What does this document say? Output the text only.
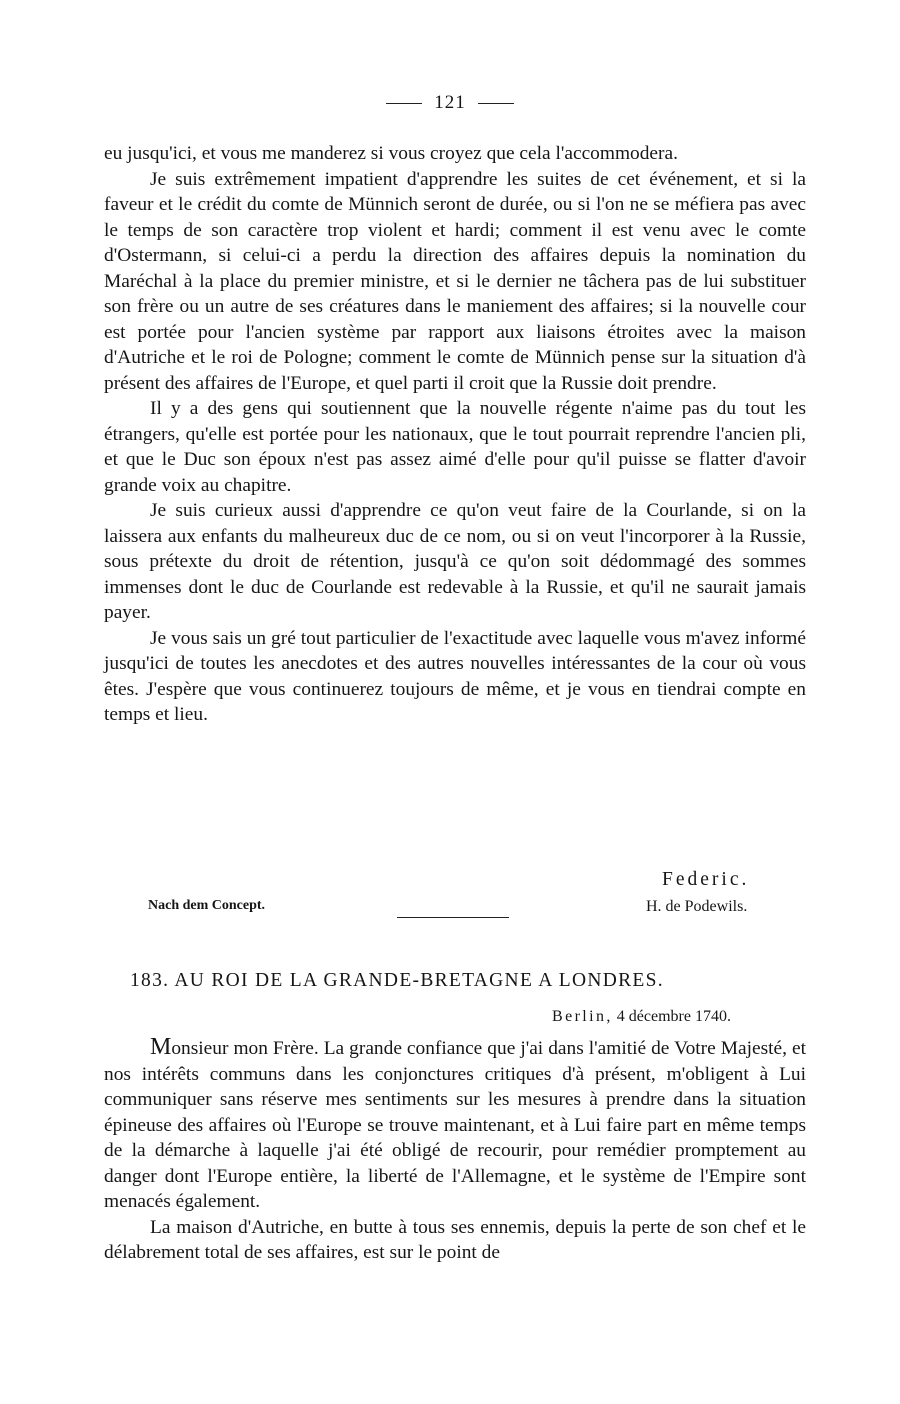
121

eu jusqu'ici, et vous me manderez si vous croyez que cela l'accommodera.

Je suis extrêmement impatient d'apprendre les suites de cet événement, et si la faveur et le crédit du comte de Münnich seront de durée, ou si l'on ne se méfiera pas avec le temps de son caractère trop violent et hardi; comment il est venu avec le comte d'Ostermann, si celui-ci a perdu la direction des affaires depuis la nomination du Maréchal à la place du premier ministre, et si le dernier ne tâchera pas de lui substituer son frère ou un autre de ses créatures dans le maniement des affaires; si la nouvelle cour est portée pour l'ancien système par rapport aux liaisons étroites avec la maison d'Autriche et le roi de Pologne; comment le comte de Münnich pense sur la situation d'à présent des affaires de l'Europe, et quel parti il croit que la Russie doit prendre.

Il y a des gens qui soutiennent que la nouvelle régente n'aime pas du tout les étrangers, qu'elle est portée pour les nationaux, que le tout pourrait reprendre l'ancien pli, et que le Duc son époux n'est pas assez aimé d'elle pour qu'il puisse se flatter d'avoir grande voix au chapitre.

Je suis curieux aussi d'apprendre ce qu'on veut faire de la Courlande, si on la laissera aux enfants du malheureux duc de ce nom, ou si on veut l'incorporer à la Russie, sous prétexte du droit de rétention, jusqu'à ce qu'on soit dédommagé des sommes immenses dont le duc de Courlande est redevable à la Russie, et qu'il ne saurait jamais payer.

Je vous sais un gré tout particulier de l'exactitude avec laquelle vous m'avez informé jusqu'ici de toutes les anecdotes et des autres nouvelles intéressantes de la cour où vous êtes. J'espère que vous continuerez toujours de même, et je vous en tiendrai compte en temps et lieu.

Federic.
Nach dem Concept.	H. de Podewils.
183. AU ROI DE LA GRANDE-BRETAGNE A LONDRES.
Berlin, 4 décembre 1740.

Monsieur mon Frère. La grande confiance que j'ai dans l'amitié de Votre Majesté, et nos intérêts communs dans les conjonctures critiques d'à présent, m'obligent à Lui communiquer sans réserve mes sentiments sur les mesures à prendre dans la situation épineuse des affaires où l'Europe se trouve maintenant, et à Lui faire part en même temps de la démarche à laquelle j'ai été obligé de recourir, pour remédier promptement au danger dont l'Europe entière, la liberté de l'Allemagne, et le système de l'Empire sont menacés également.

La maison d'Autriche, en butte à tous ses ennemis, depuis la perte de son chef et le délabrement total de ses affaires, est sur le point de
